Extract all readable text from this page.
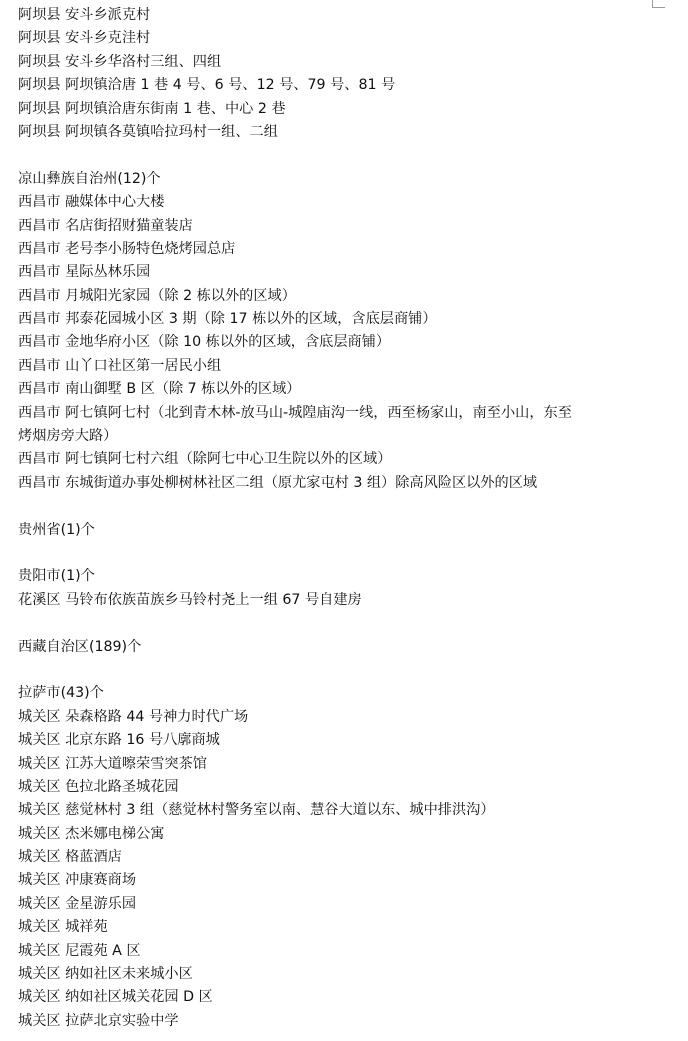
阿坝县 安斗乡派克村
阿坝县 安斗乡克洼村
阿坝县 安斗乡华洛村三组、四组
阿坝县 阿坝镇洽唐 1 巷 4 号、6 号、12 号、79 号、81 号
阿坝县 阿坝镇洽唐东街南 1 巷、中心 2 巷
阿坝县 阿坝镇各莫镇哈拉玛村一组、二组
凉山彝族自治州(12)个
西昌市 融媒体中心大楼
西昌市 名店街招财猫童装店
西昌市 老号李小肠特色烧烤园总店
西昌市 星际丛林乐园
西昌市 月城阳光家园（除 2 栋以外的区域）
西昌市 邦泰花园城小区 3 期（除 17 栋以外的区域，含底层商铺）
西昌市 金地华府小区（除 10 栋以外的区域，含底层商铺）
西昌市 山丫口社区第一居民小组
西昌市 南山御墅 B 区（除 7 栋以外的区域）
西昌市 阿七镇阿七村（北到青木林-放马山-城隍庙沟一线，西至杨家山，南至小山，东至
烤烟房旁大路）
西昌市 阿七镇阿七村六组（除阿七中心卫生院以外的区域）
西昌市 东城街道办事处柳树林社区二组（原尤家屯村 3 组）除高风险区以外的区域
贵州省(1)个
贵阳市(1)个
花溪区 马铃布依族苗族乡马铃村尧上一组 67 号自建房
西藏自治区(189)个
拉萨市(43)个
城关区 朵森格路 44 号神力时代广场
城关区 北京东路 16 号八廓商城
城关区 江苏大道嚓荣雪突茶馆
城关区 色拉北路圣城花园
城关区 慈觉林村 3 组（慈觉林村警务室以南、慧谷大道以东、城中排洪沟）
城关区 杰米娜电梯公寓
城关区 格蓝酒店
城关区 冲康赛商场
城关区 金星游乐园
城关区 城祥苑
城关区 尼霞苑 A 区
城关区 纳如社区未来城小区
城关区 纳如社区城关花园 D 区
城关区 拉萨北京实验中学
